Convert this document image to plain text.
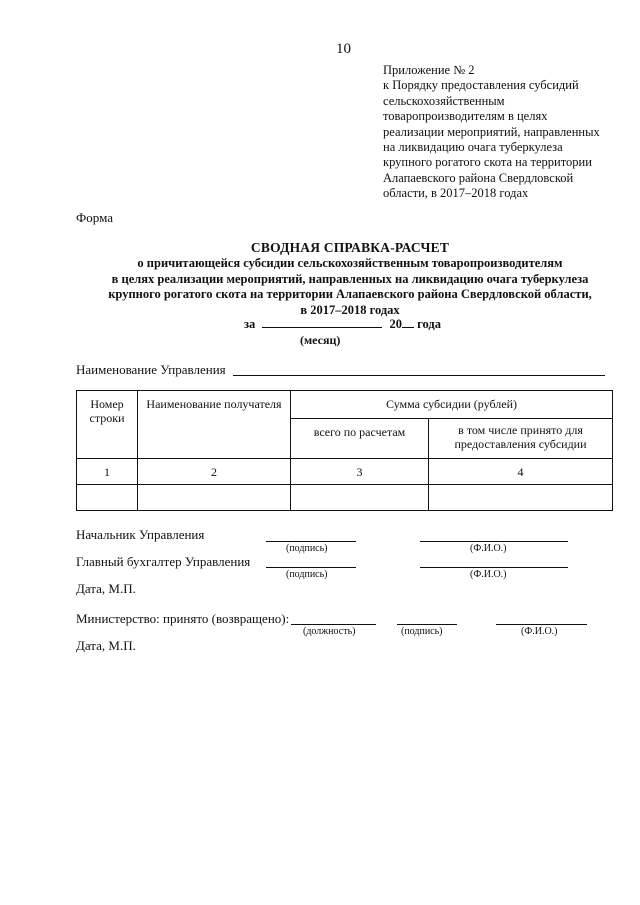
10
Приложение № 2
к Порядку предоставления субсидий
сельскохозяйственным
товаропроизводителям в целях
реализации мероприятий, направленных
на ликвидацию очага туберкулеза
крупного рогатого скота на территории
Алапаевского района Свердловской
области, в 2017–2018 годах
Форма
СВОДНАЯ СПРАВКА-РАСЧЕТ
о причитающейся субсидии сельскохозяйственным товаропроизводителям
в целях реализации мероприятий, направленных на ликвидацию очага туберкулеза
крупного рогатого скота на территории Алапаевского района Свердловской области,
в 2017–2018 годах
за	20 года
(месяц)
Наименование Управления
Номер строки	Наименование получателя	Сумма субсидии (рублей)	
		всего по расчетам	в том числе принято для предоставления субсидии
1	2	3	4

Начальник Управления
(подпись)	(Ф.И.О.)
Главный бухгалтер Управления
(подпись)	(Ф.И.О.)
Дата, М.П.
Министерство: принято (возвращено):
(должность)	(подпись)	(Ф.И.О.)
Дата, М.П.
